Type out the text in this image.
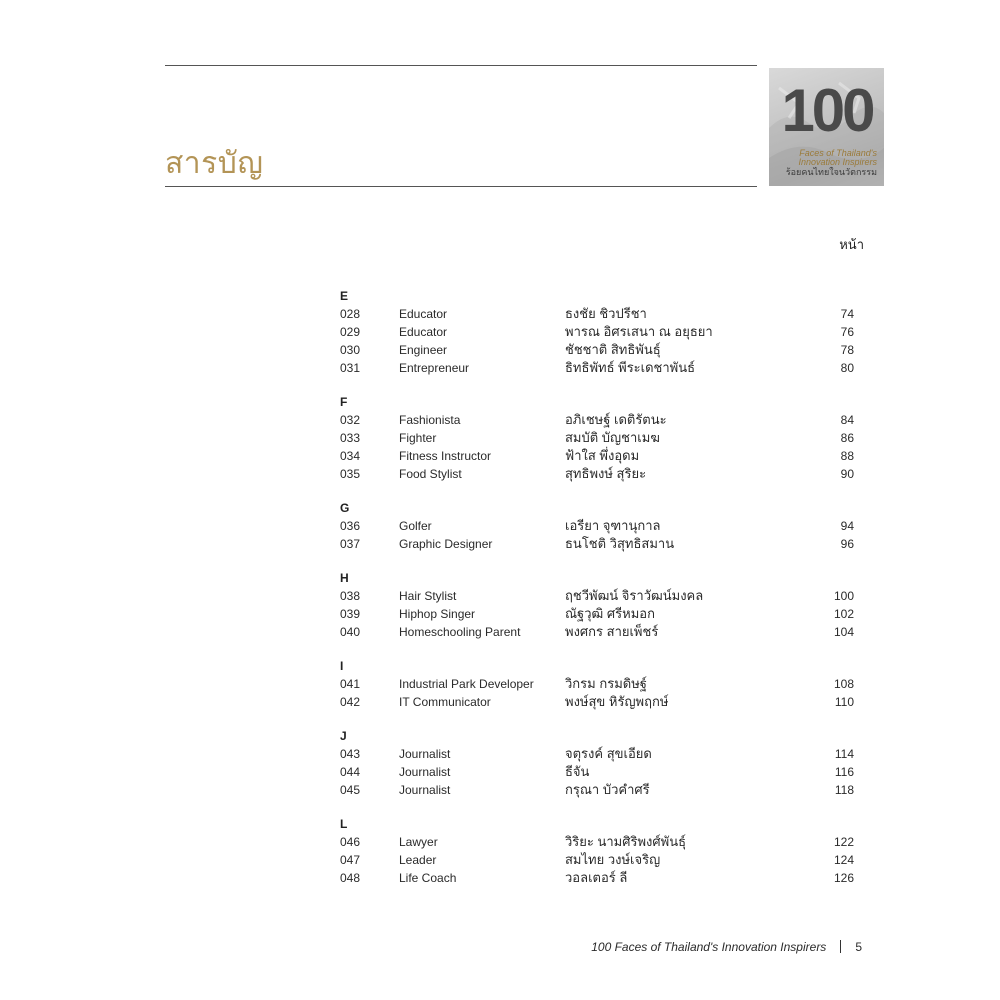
สารบัญ
100
Faces of Thailand's
Innovation Inspirers
ร้อยคนไทยใจนวัตกรรม
หน้า
E
028	Educator	ธงชัย ชิวปรีชา	74
029	Educator	พารณ อิศรเสนา ณ อยุธยา	76
030	Engineer	ชัชชาติ สิทธิพันธุ์	78
031	Entrepreneur	ธิทธิพัทธ์ พีระเดชาพันธ์	80
F
032	Fashionista	อภิเชษฐ์ เดติรัตนะ	84
033	Fighter	สมบัติ บัญชาเมฆ	86
034	Fitness Instructor	ฟ้าใส พึ่งอุดม	88
035	Food Stylist	สุทธิพงษ์ สุริยะ	90
G
036	Golfer	เอรียา จุฑานุกาล	94
037	Graphic Designer	ธนโชติ วิสุทธิสมาน	96
H
038	Hair Stylist	ฤชวีพัฒน์ จิราวัฒน์มงคล	100
039	Hiphop Singer	ณัฐวุฒิ ศรีหมอก	102
040	Homeschooling Parent	พงศกร สายเพ็ชร์	104
I
041	Industrial Park Developer วิกรม กรมดิษฐ์	108
042	IT Communicator	พงษ์สุข หิรัญพฤกษ์	110
J
043	Journalist	จตุรงค์ สุขเอียด	114
044	Journalist	ธีจัน	116
045	Journalist	กรุณา บัวคำศรี	118
L
046	Lawyer	วิริยะ นามศิริพงศ์พันธุ์	122
047	Leader	สมไทย วงษ์เจริญ	124
048	Life Coach	วอลเตอร์ ลี	126
100 Faces of Thailand's Innovation Inspirers 5
